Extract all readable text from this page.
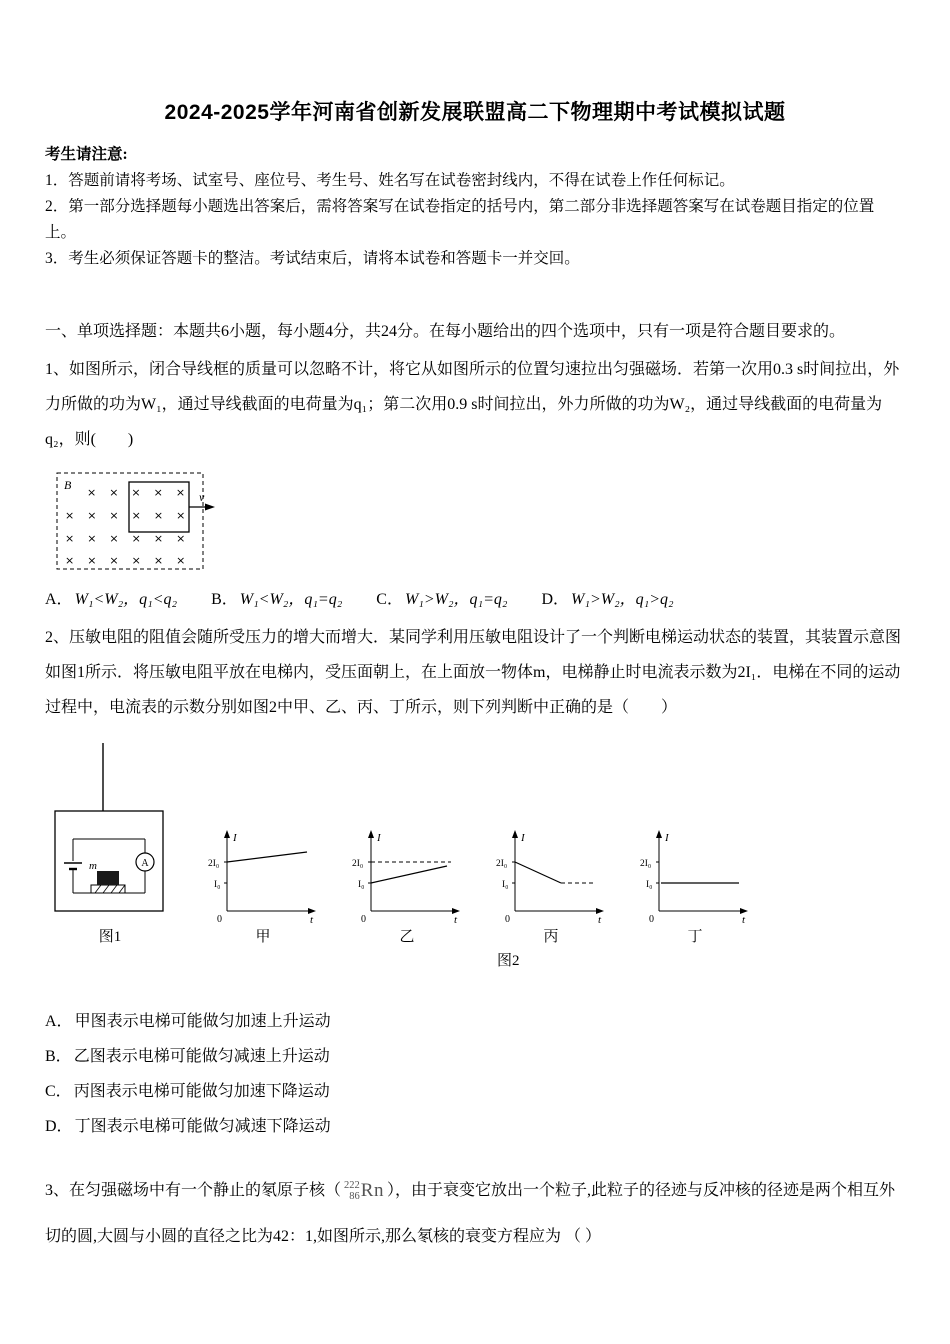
2024-2025学年河南省创新发展联盟高二下物理期中考试模拟试题

考生请注意:

1．答题前请将考场、试室号、座位号、考生号、姓名写在试卷密封线内，不得在试卷上作任何标记。

2．第一部分选择题每小题选出答案后，需将答案写在试卷指定的括号内，第二部分非选择题答案写在试卷题目指定的位置上。

3．考生必须保证答题卡的整洁。考试结束后，请将本试卷和答题卡一并交回。

一、单项选择题：本题共6小题，每小题4分，共24分。在每小题给出的四个选项中，只有一项是符合题目要求的。

1、如图所示，闭合导线框的质量可以忽略不计，将它从如图所示的位置匀速拉出匀强磁场．若第一次用0.3 s时间拉出，外力所做的功为W₁，通过导线截面的电荷量为q₁；第二次用0.9 s时间拉出，外力所做的功为W₂，通过导线截面的电荷量为q₂，则(　　)

B
×××××
××××××
××××××
××××××
v

A． W₁<W₂，q₁<q₂ B． W₁<W₂，q₁=q₂ C． W₁>W₂，q₁=q₂ D． W₁>W₂，q₁>q₂

2、压敏电阻的阻值会随所受压力的增大而增大．某同学利用压敏电阻设计了一个判断电梯运动状态的装置，其装置示意图如图1所示．将压敏电阻平放在电梯内，受压面朝上，在上面放一物体m，电梯静止时电流表示数为2I₁．电梯在不同的运动过程中，电流表的示数分别如图2中甲、乙、丙、丁所示，则下列判断中正确的是（　　）

A
m
图1
I
t
0
2I₀
I₀
甲
I
t
0
2I₀
I₀
乙
I
t
0
2I₀
I₀
丙
I
t
0
2I₀
I₀
丁
图2

A． 甲图表示电梯可能做匀加速上升运动

B． 乙图表示电梯可能做匀减速上升运动

C． 丙图表示电梯可能做匀加速下降运动

D． 丁图表示电梯可能做匀减速下降运动

3、在匀强磁场中有一个静止的氡原子核（ 222
86 Rn ），由于衰变它放出一个粒子,此粒子的径迹与反冲核的径迹是两个相互外切的圆,大圆与小圆的直径之比为42：1,如图所示,那么氡核的衰变方程应为 （ ）
